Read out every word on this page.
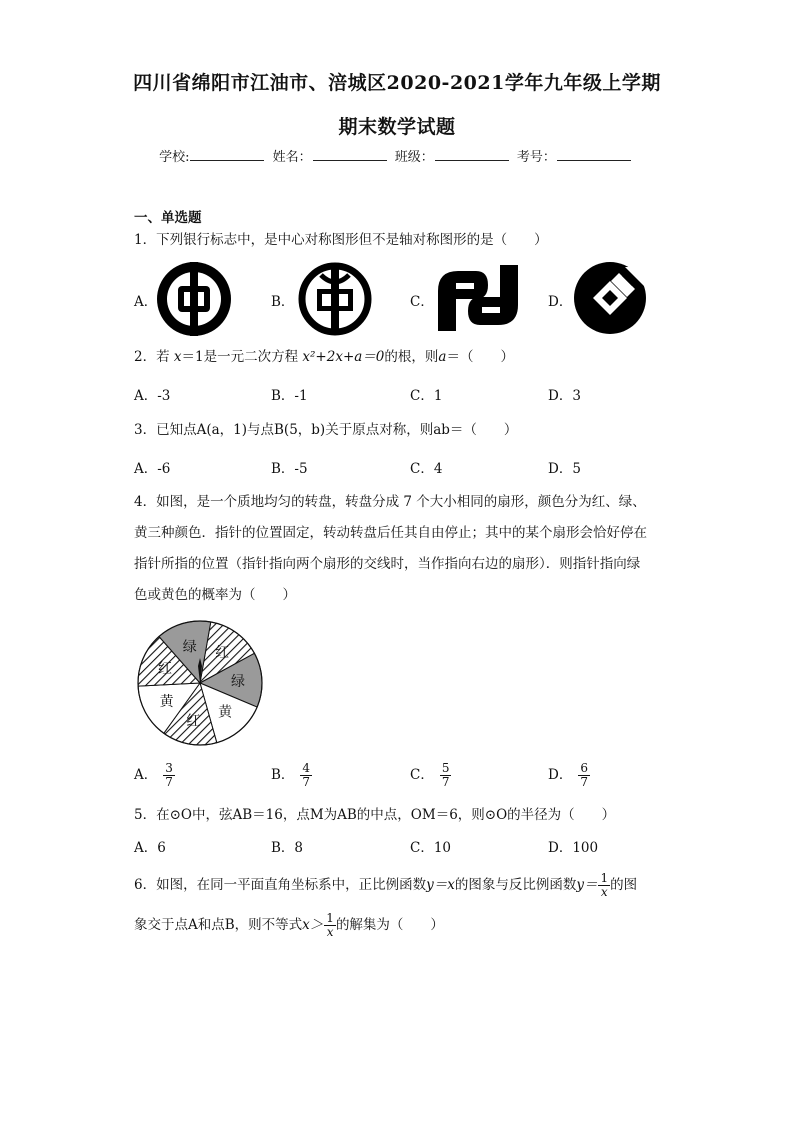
四川省绵阳市江油市、涪城区2020-2021学年九年级上学期
期末数学试题
学校:	姓名：	班级：	考号：
一、单选题
1．下列银行标志中，是中心对称图形但不是轴对称图形的是（　　）
A．	B．	C．	D．
2．若 x＝1是一元二次方程 x²+2x+a＝0的根，则a＝（　　）
A．-3	B．-1	C．1	D．3
3．已知点A(a，1)与点B(5，b)关于原点对称，则ab＝（　　）
A．-6	B．-5	C．4	D．5
4．如图，是一个质地均匀的转盘，转盘分成 7 个大小相同的扇形，颜色分为红、绿、
黄三种颜色．指针的位置固定，转动转盘后任其自由停止；其中的某个扇形会恰好停在
指针所指的位置（指针指向两个扇形的交线时，当作指向右边的扇形）．则指针指向绿
色或黄色的概率为（　　）
红
绿
黄
红
黄
红
绿
A． $\frac{3}{7}$	B． $\frac{4}{7}$	C． $\frac{5}{7}$	D． $\frac{6}{7}$
5．在⊙O中，弦AB＝16，点M为AB的中点，OM＝6，则⊙O的半径为（　　）
A．6	B．8	C．10	D．100
6．如图，在同一平面直角坐标系中，正比例函数y＝x的图象与反比例函数$y= \frac{1}{x}$ 的图
象交于点A和点B，则不等式$x> \frac{1}{x}$ 的解集为（　　）
